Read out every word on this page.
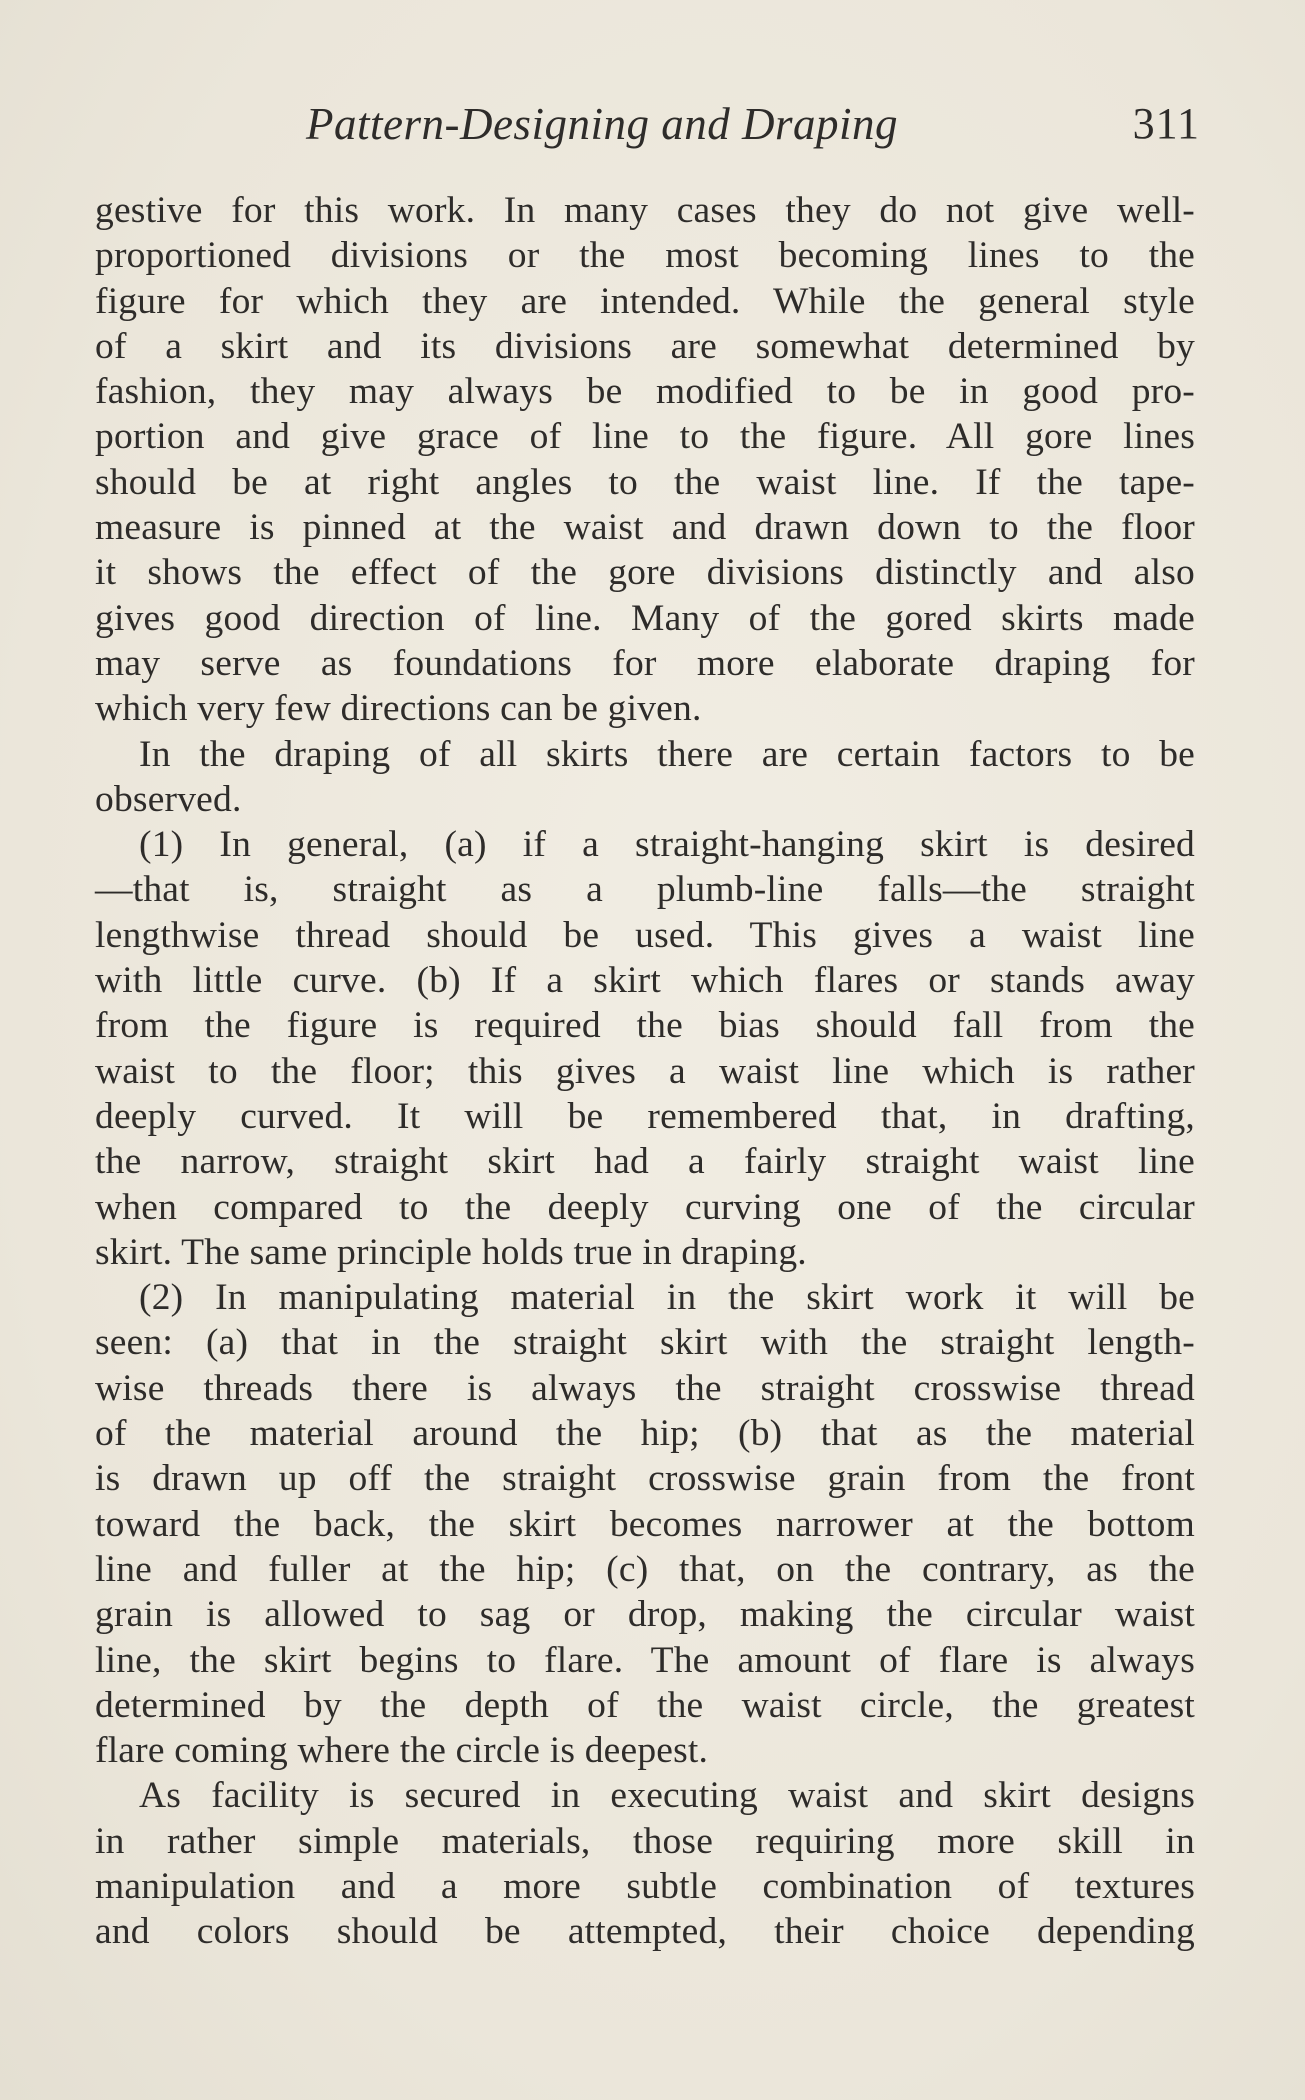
Pattern-Designing and Draping	311
gestive for this work. In many cases they do not give well-
proportioned divisions or the most becoming lines to the
figure for which they are intended. While the general style
of a skirt and its divisions are somewhat determined by
fashion, they may always be modified to be in good pro-
portion and give grace of line to the figure. All gore lines
should be at right angles to the waist line. If the tape-
measure is pinned at the waist and drawn down to the floor
it shows the effect of the gore divisions distinctly and also
gives good direction of line. Many of the gored skirts made
may serve as foundations for more elaborate draping for
which very few directions can be given.
In the draping of all skirts there are certain factors to be
observed.
(1) In general, (a) if a straight-hanging skirt is desired
—that is, straight as a plumb-line falls—the straight
lengthwise thread should be used. This gives a waist line
with little curve. (b) If a skirt which flares or stands away
from the figure is required the bias should fall from the
waist to the floor; this gives a waist line which is rather
deeply curved. It will be remembered that, in drafting,
the narrow, straight skirt had a fairly straight waist line
when compared to the deeply curving one of the circular
skirt. The same principle holds true in draping.
(2) In manipulating material in the skirt work it will be
seen: (a) that in the straight skirt with the straight length-
wise threads there is always the straight crosswise thread
of the material around the hip; (b) that as the material
is drawn up off the straight crosswise grain from the front
toward the back, the skirt becomes narrower at the bottom
line and fuller at the hip; (c) that, on the contrary, as the
grain is allowed to sag or drop, making the circular waist
line, the skirt begins to flare. The amount of flare is always
determined by the depth of the waist circle, the greatest
flare coming where the circle is deepest.
As facility is secured in executing waist and skirt designs
in rather simple materials, those requiring more skill in
manipulation and a more subtle combination of textures
and colors should be attempted, their choice depending
